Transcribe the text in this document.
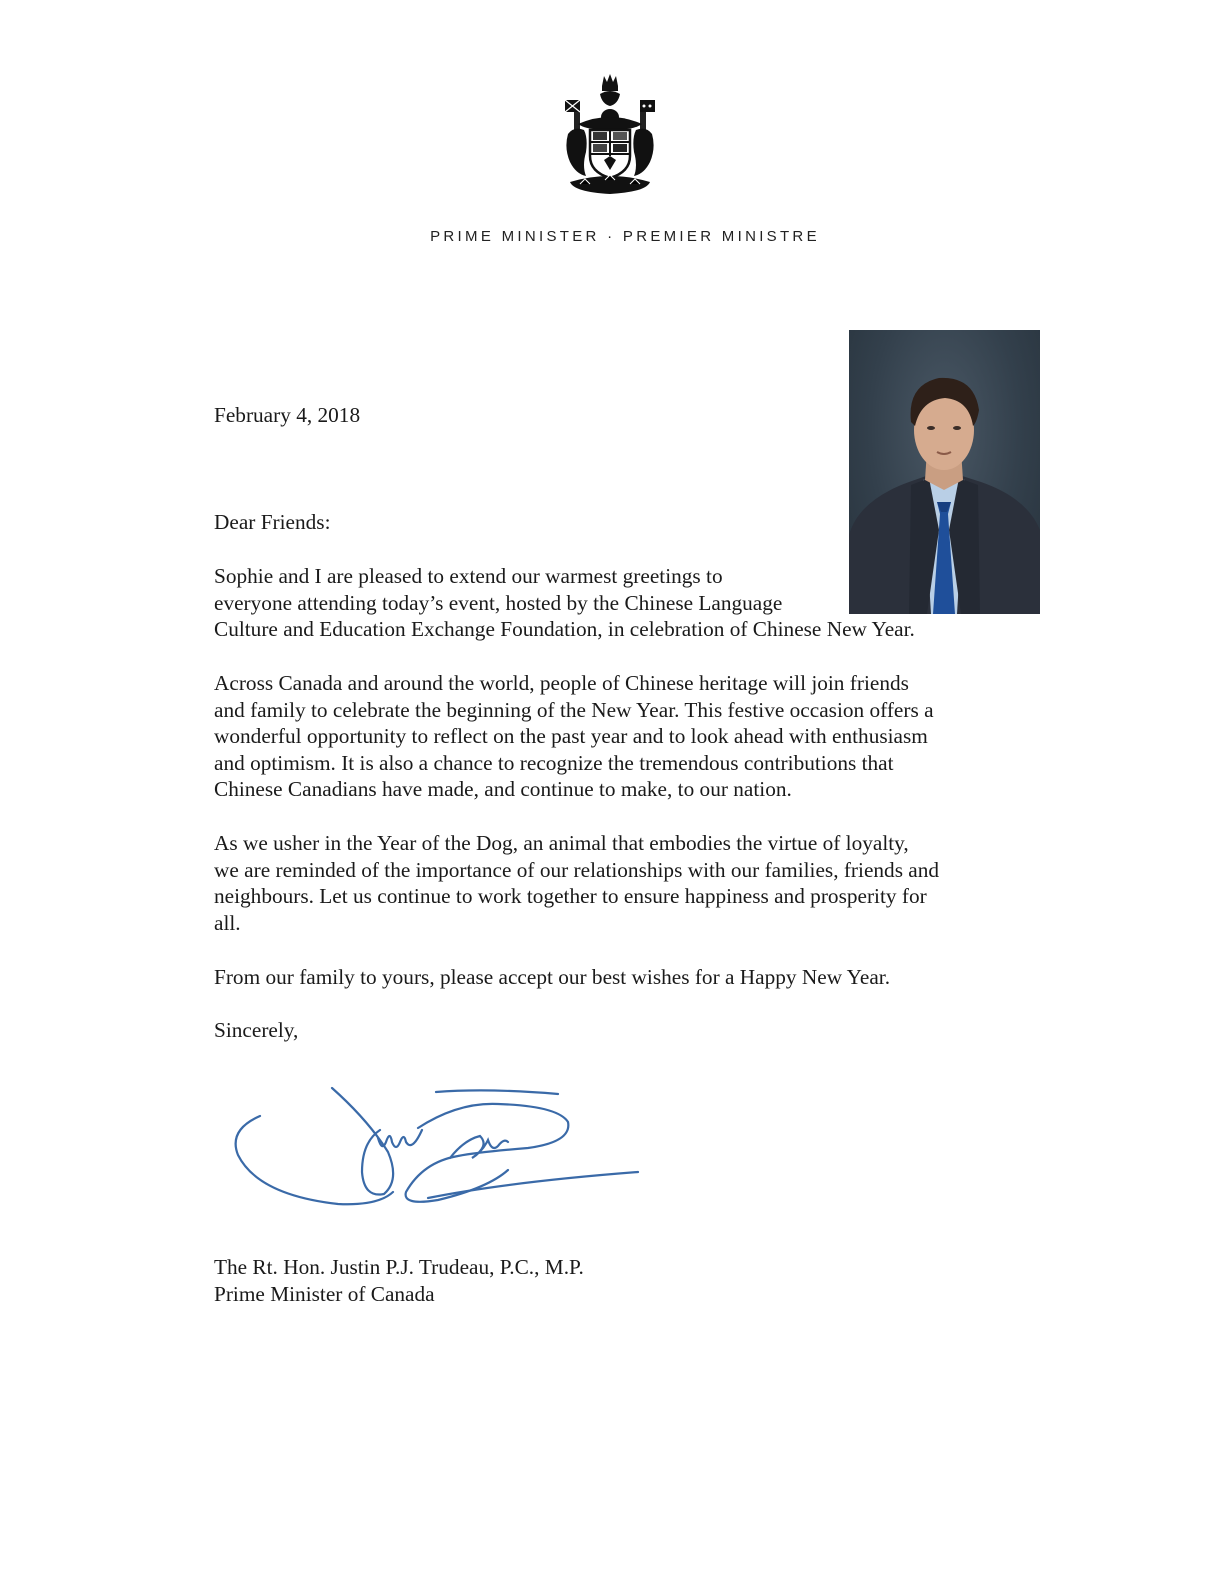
PRIME MINISTER · PREMIER MINISTRE
February 4, 2018
Dear Friends:
Sophie and I are pleased to extend our warmest greetings to
everyone attending today’s event, hosted by the Chinese Language
Culture and Education Exchange Foundation, in celebration of Chinese New Year.
Across Canada and around the world, people of Chinese heritage will join friends
and family to celebrate the beginning of the New Year. This festive occasion offers a
wonderful opportunity to reflect on the past year and to look ahead with enthusiasm
and optimism. It is also a chance to recognize the tremendous contributions that
Chinese Canadians have made, and continue to make, to our nation.
As we usher in the Year of the Dog, an animal that embodies the virtue of loyalty,
we are reminded of the importance of our relationships with our families, friends and
neighbours. Let us continue to work together to ensure happiness and prosperity for
all.
From our family to yours, please accept our best wishes for a Happy New Year.
Sincerely,
The Rt. Hon. Justin P.J. Trudeau, P.C., M.P.
Prime Minister of Canada
